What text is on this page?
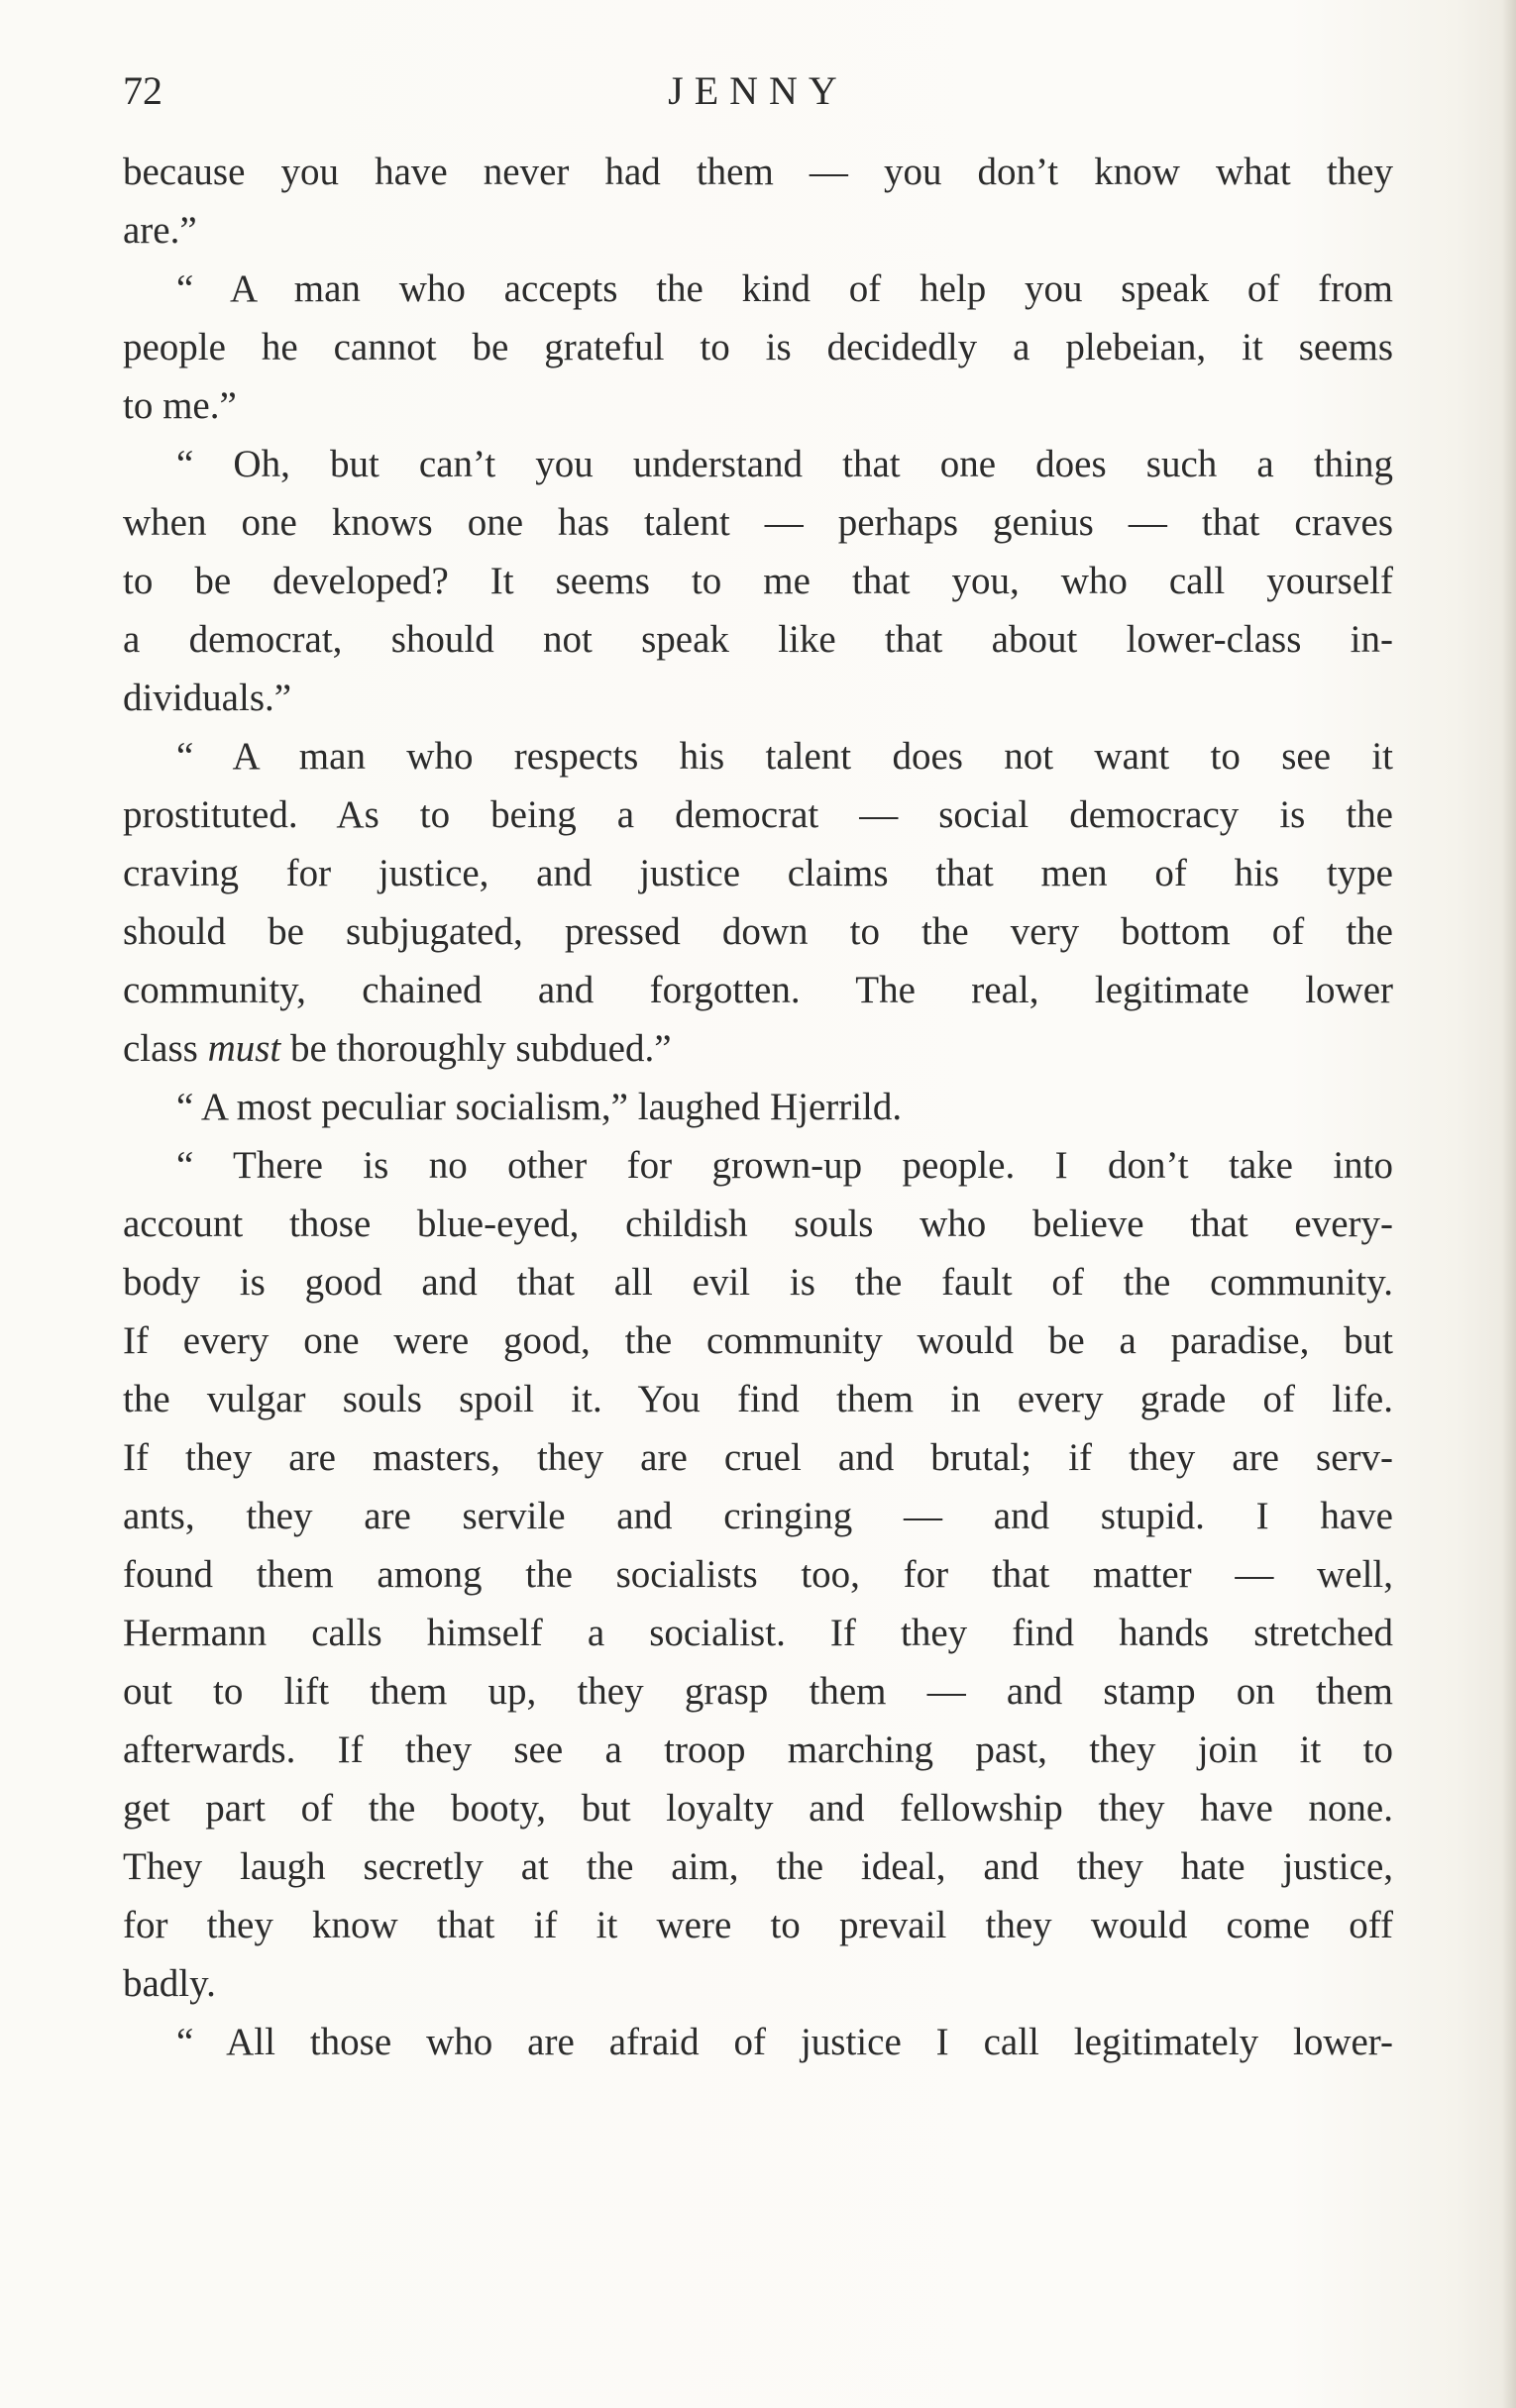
72	JENNY
because you have never had them — you don’t know what they
are.”
“ A man who accepts the kind of help you speak of from
people he cannot be grateful to is decidedly a plebeian, it seems
to me.”
“ Oh, but can’t you understand that one does such a thing
when one knows one has talent — perhaps genius — that craves
to be developed? It seems to me that you, who call yourself
a democrat, should not speak like that about lower-class in-
dividuals.”
“ A man who respects his talent does not want to see it
prostituted. As to being a democrat — social democracy is the
craving for justice, and justice claims that men of his type
should be subjugated, pressed down to the very bottom of the
community, chained and forgotten. The real, legitimate lower
class must be thoroughly subdued.”
“ A most peculiar socialism,” laughed Hjerrild.
“ There is no other for grown-up people. I don’t take into
account those blue-eyed, childish souls who believe that every-
body is good and that all evil is the fault of the community.
If every one were good, the community would be a paradise, but
the vulgar souls spoil it. You find them in every grade of life.
If they are masters, they are cruel and brutal; if they are serv-
ants, they are servile and cringing — and stupid. I have
found them among the socialists too, for that matter — well,
Hermann calls himself a socialist. If they find hands stretched
out to lift them up, they grasp them — and stamp on them
afterwards. If they see a troop marching past, they join it to
get part of the booty, but loyalty and fellowship they have none.
They laugh secretly at the aim, the ideal, and they hate justice,
for they know that if it were to prevail they would come off
badly.
“ All those who are afraid of justice I call legitimately lower-
